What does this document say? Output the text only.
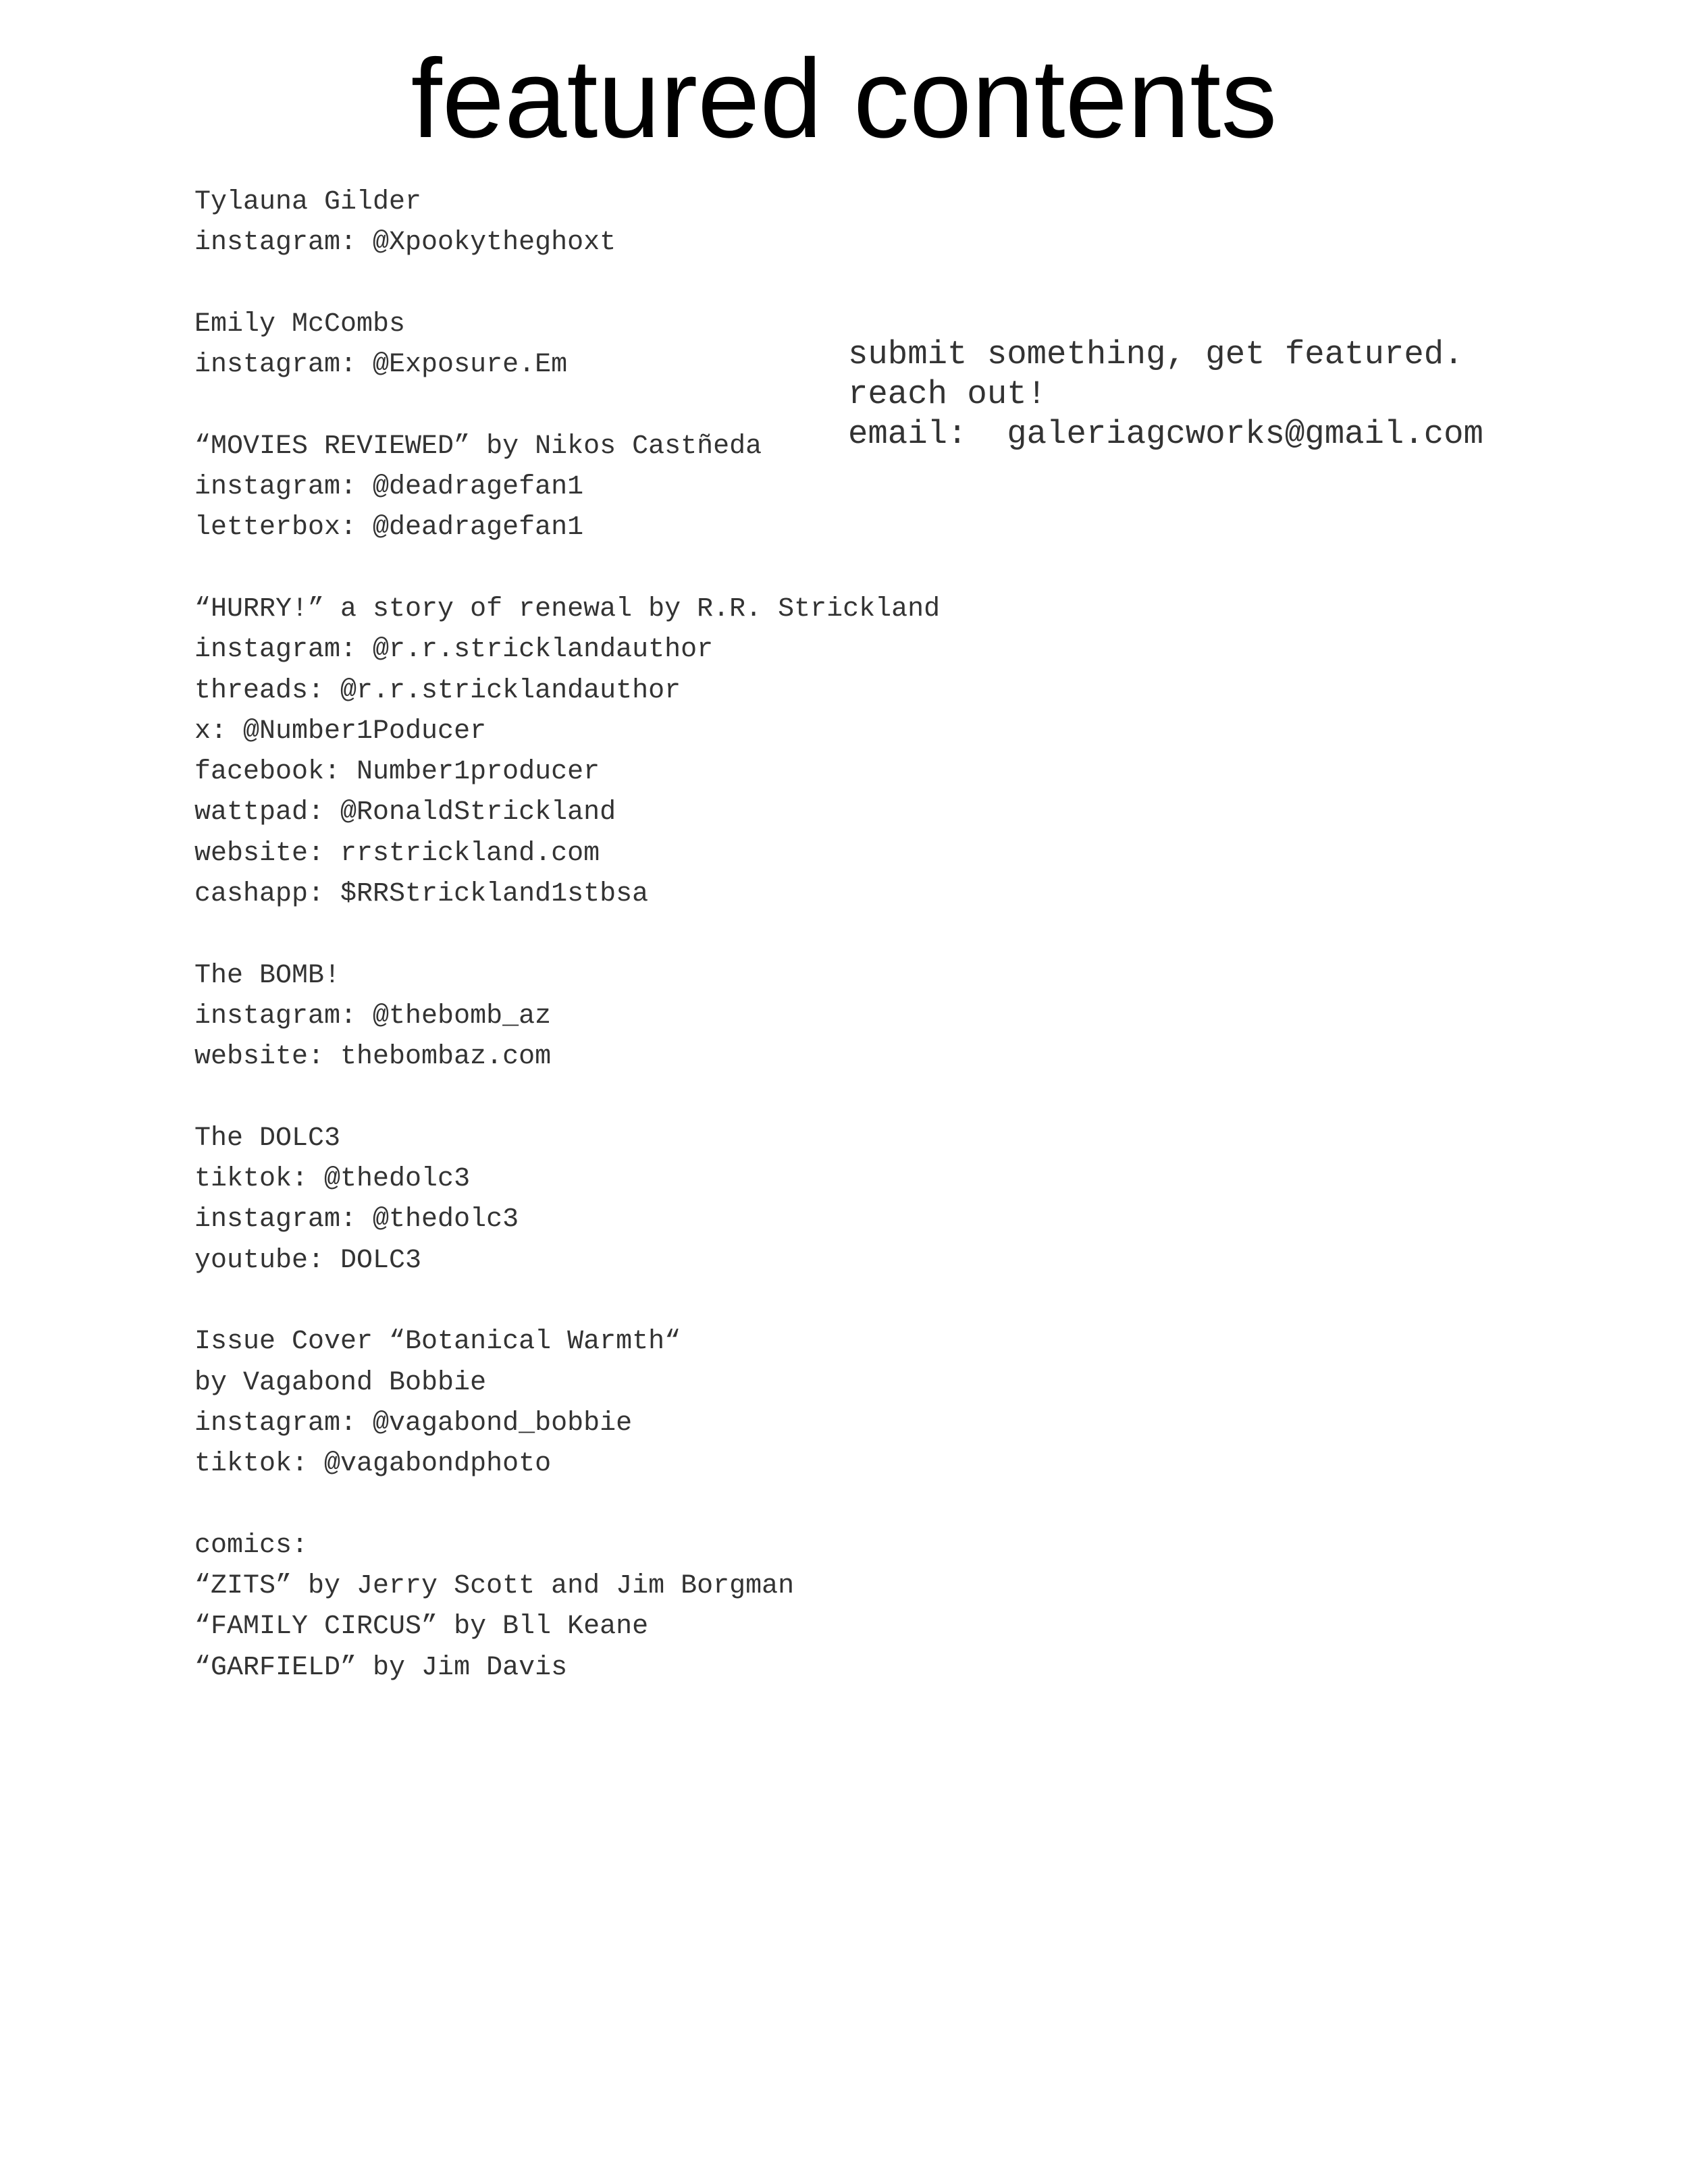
featured contents
Tylauna Gilder
instagram: @Xpookytheghoxt
Emily McCombs
instagram: @Exposure.Em
“MOVIES REVIEWED” by Nikos Castñeda
instagram: @deadragefan1
letterbox: @deadragefan1
“HURRY!” a story of renewal by R.R. Strickland
instagram: @r.r.stricklandauthor
threads: @r.r.stricklandauthor
x: @Number1Poducer
facebook: Number1producer
wattpad: @RonaldStrickland
website: rrstrickland.com
cashapp: $RRStrickland1stbsa
The BOMB!
instagram: @thebomb_az
website: thebombaz.com
The DOLC3
tiktok: @thedolc3
instagram: @thedolc3
youtube: DOLC3
Issue Cover “Botanical Warmth“
by Vagabond Bobbie
instagram: @vagabond_bobbie
tiktok: @vagabondphoto
comics:
“ZITS” by Jerry Scott and Jim Borgman
“FAMILY CIRCUS” by Bll Keane
“GARFIELD” by Jim Davis
submit something, get featured.
reach out!
email:  galeriagcworks@gmail.com
